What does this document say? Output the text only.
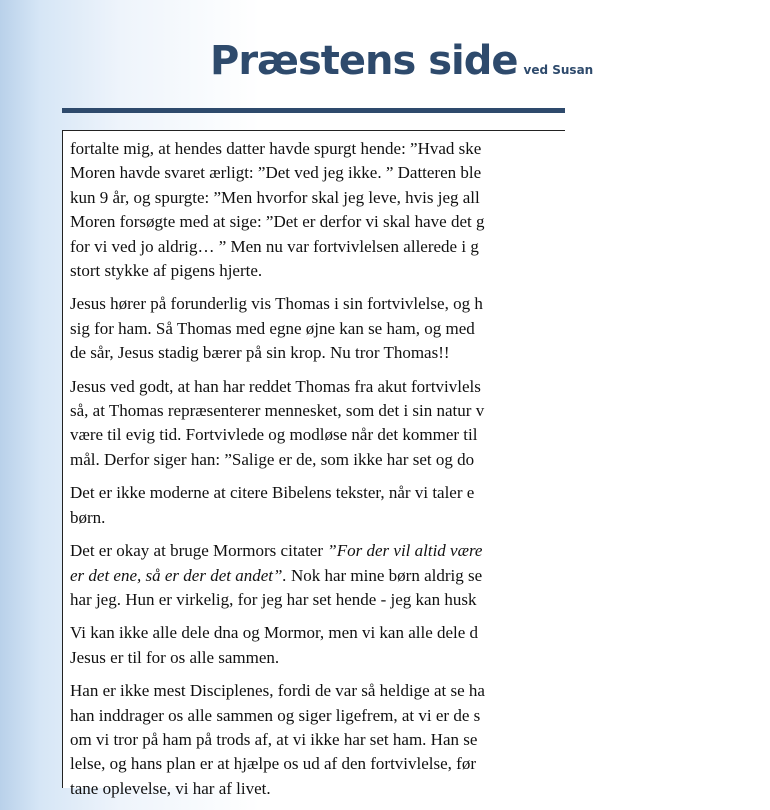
Præstens side ved Susan
fortalte mig, at hendes datter havde spurgt hende: ”Hvad ske
Moren havde svaret ærligt: ”Det ved jeg ikke. ” Datteren ble
kun 9 år, og spurgte: ”Men hvorfor skal jeg leve, hvis jeg all
Moren forsøgte med at sige: ”Det er derfor vi skal have det g
for vi ved jo aldrig… ” Men nu var fortvivlelsen allerede i g
stort stykke af pigens hjerte.
Jesus hører på forunderlig vis Thomas i sin fortvivlelse, og h
sig for ham. Så Thomas med egne øjne kan se ham, og med
de sår, Jesus stadig bærer på sin krop. Nu tror Thomas!!
Jesus ved godt, at han har reddet Thomas fra akut fortvivlels
så, at Thomas repræsenterer mennesket, som det i sin natur v
være til evig tid. Fortvivlede og modløse når det kommer til
mål. Derfor siger han: ”Salige er de, som ikke har set og do
Det er ikke moderne at citere Bibelens tekster, når vi taler e
børn.
Det er okay at bruge Mormors citater ”For der vil altid være
er det ene, så er der det andet”. Nok har mine børn aldrig se
har jeg. Hun er virkelig, for jeg har set hende - jeg kan husk
Vi kan ikke alle dele dna og Mormor, men vi kan alle dele d
Jesus er til for os alle sammen.
Han er ikke mest Disciplenes, fordi de var så heldige at se ha
han inddrager os alle sammen og siger ligefrem, at vi er de s
om vi tror på ham på trods af, at vi ikke har set ham. Han se
lelse, og hans plan er at hjælpe os ud af den fortvivlelse, før
tane oplevelse, vi har af livet.
